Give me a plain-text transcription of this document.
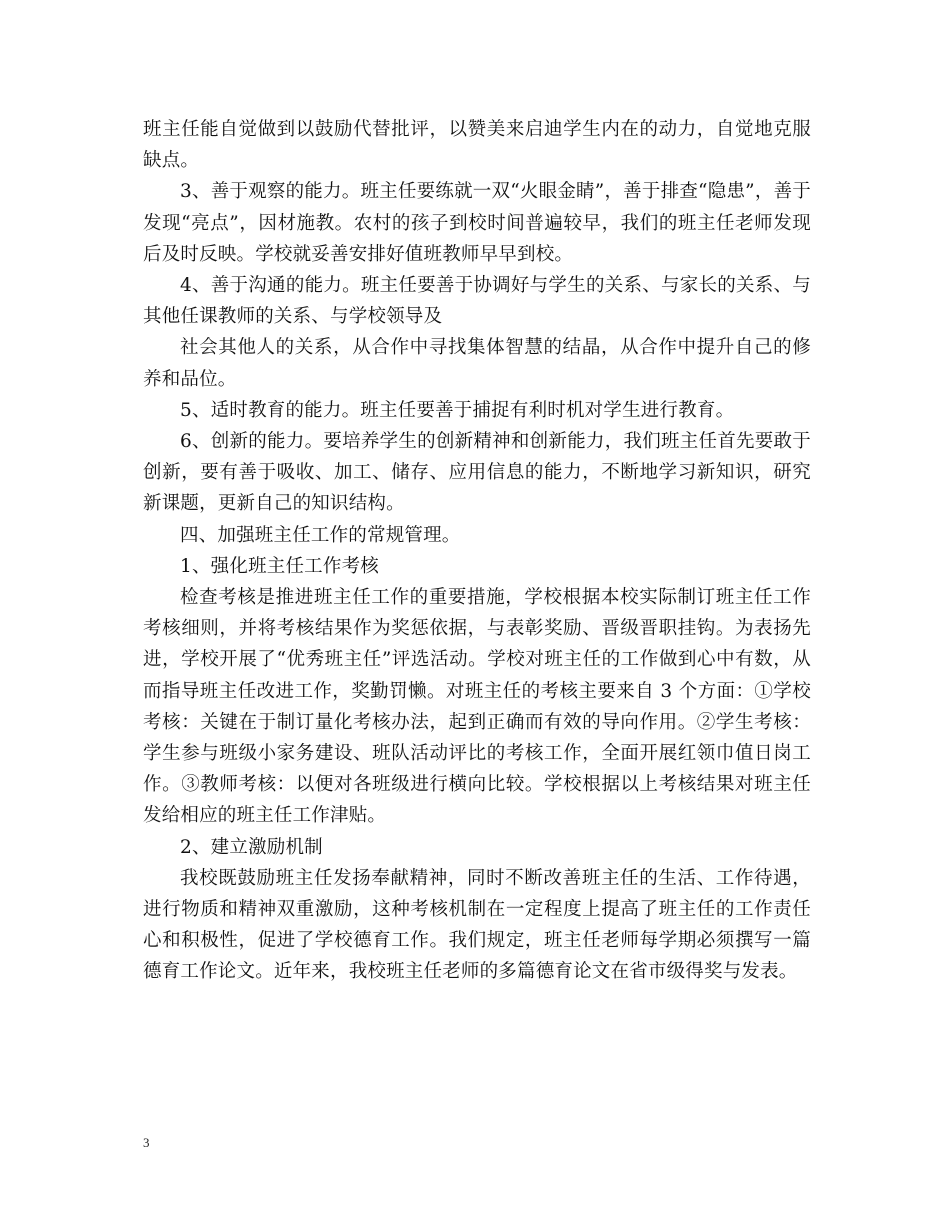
班主任能自觉做到以鼓励代替批评，以赞美来启迪学生内在的动力，自觉地克服缺点。

3、善于观察的能力。班主任要练就一双“火眼金睛”，善于排查“隐患”，善于发现“亮点”，因材施教。农村的孩子到校时间普遍较早，我们的班主任老师发现后及时反映。学校就妥善安排好值班教师早早到校。

4、善于沟通的能力。班主任要善于协调好与学生的关系、与家长的关系、与其他任课教师的关系、与学校领导及

社会其他人的关系，从合作中寻找集体智慧的结晶，从合作中提升自己的修养和品位。

5、适时教育的能力。班主任要善于捕捉有利时机对学生进行教育。

6、创新的能力。要培养学生的创新精神和创新能力，我们班主任首先要敢于创新，要有善于吸收、加工、储存、应用信息的能力，不断地学习新知识，研究新课题，更新自己的知识结构。

四、加强班主任工作的常规管理。

1、强化班主任工作考核

检查考核是推进班主任工作的重要措施，学校根据本校实际制订班主任工作考核细则，并将考核结果作为奖惩依据，与表彰奖励、晋级晋职挂钩。为表扬先进，学校开展了“优秀班主任”评选活动。学校对班主任的工作做到心中有数，从而指导班主任改进工作，奖勤罚懒。对班主任的考核主要来自 3 个方面：①学校考核：关键在于制订量化考核办法，起到正确而有效的导向作用。②学生考核：学生参与班级小家务建设、班队活动评比的考核工作，全面开展红领巾值日岗工作。③教师考核：以便对各班级进行横向比较。学校根据以上考核结果对班主任发给相应的班主任工作津贴。

2、建立激励机制

我校既鼓励班主任发扬奉献精神，同时不断改善班主任的生活、工作待遇，进行物质和精神双重激励，这种考核机制在一定程度上提高了班主任的工作责任心和积极性，促进了学校德育工作。我们规定，班主任老师每学期必须撰写一篇德育工作论文。近年来，我校班主任老师的多篇德育论文在省市级得奖与发表。

3
